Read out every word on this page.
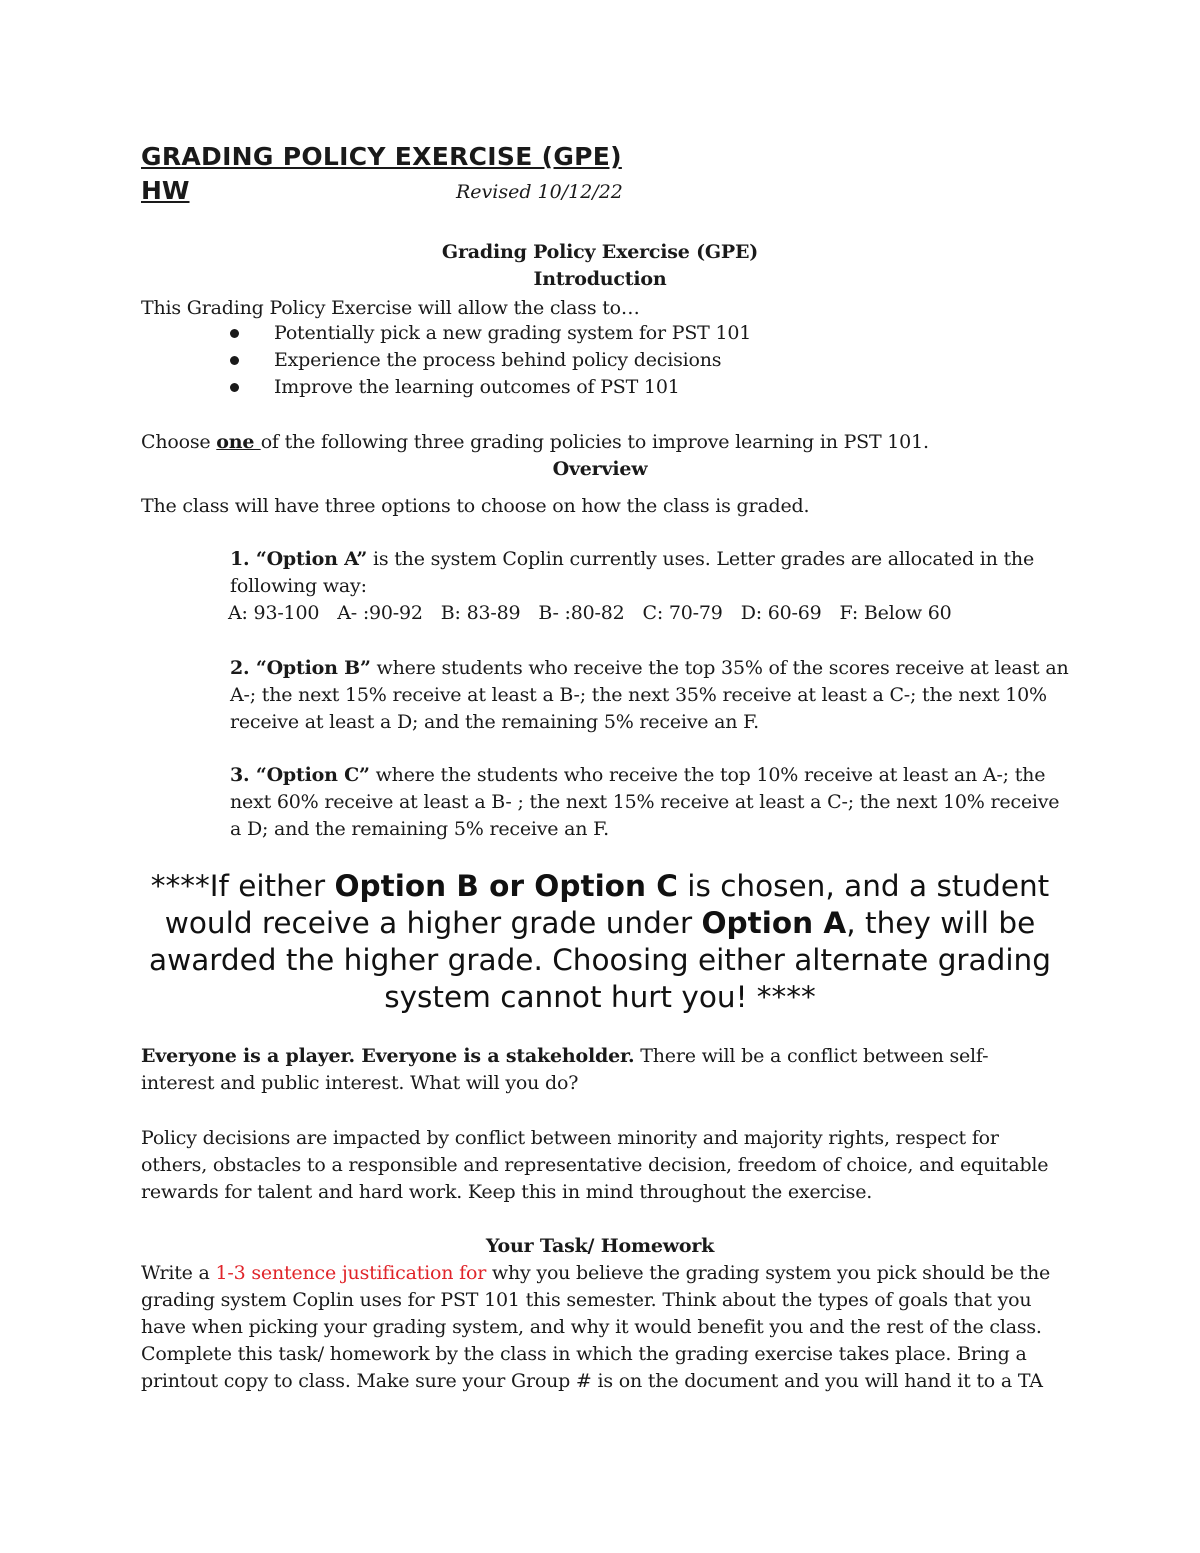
GRADING POLICY EXERCISE (GPE)
HW	Revised 10/12/22
Grading Policy Exercise (GPE)
Introduction
This Grading Policy Exercise will allow the class to…
Potentially pick a new grading system for PST 101
Experience the process behind policy decisions
Improve the learning outcomes of PST 101
Choose one of the following three grading policies to improve learning in PST 101.
Overview
The class will have three options to choose on how the class is graded.
1. “Option A” is the system Coplin currently uses. Letter grades are allocated in the following way:
A: 93-100 A- :90-92 B: 83-89 B- :80-82 C: 70-79 D: 60-69 F: Below 60
2. “Option B” where students who receive the top 35% of the scores receive at least an A-; the next 15% receive at least a B-; the next 35% receive at least a C-; the next 10% receive at least a D; and the remaining 5% receive an F.
3. “Option C” where the students who receive the top 10% receive at least an A-; the next 60% receive at least a B- ; the next 15% receive at least a C-; the next 10% receive a D; and the remaining 5% receive an F.
****If either Option B or Option C is chosen, and a student would receive a higher grade under Option A, they will be awarded the higher grade. Choosing either alternate grading system cannot hurt you! ****
Everyone is a player. Everyone is a stakeholder. There will be a conflict between self-interest and public interest. What will you do?
Policy decisions are impacted by conflict between minority and majority rights, respect for others, obstacles to a responsible and representative decision, freedom of choice, and equitable rewards for talent and hard work. Keep this in mind throughout the exercise.
Your Task/ Homework
Write a 1-3 sentence justification for why you believe the grading system you pick should be the grading system Coplin uses for PST 101 this semester. Think about the types of goals that you have when picking your grading system, and why it would benefit you and the rest of the class. Complete this task/ homework by the class in which the grading exercise takes place. Bring a printout copy to class. Make sure your Group # is on the document and you will hand it to a TA
